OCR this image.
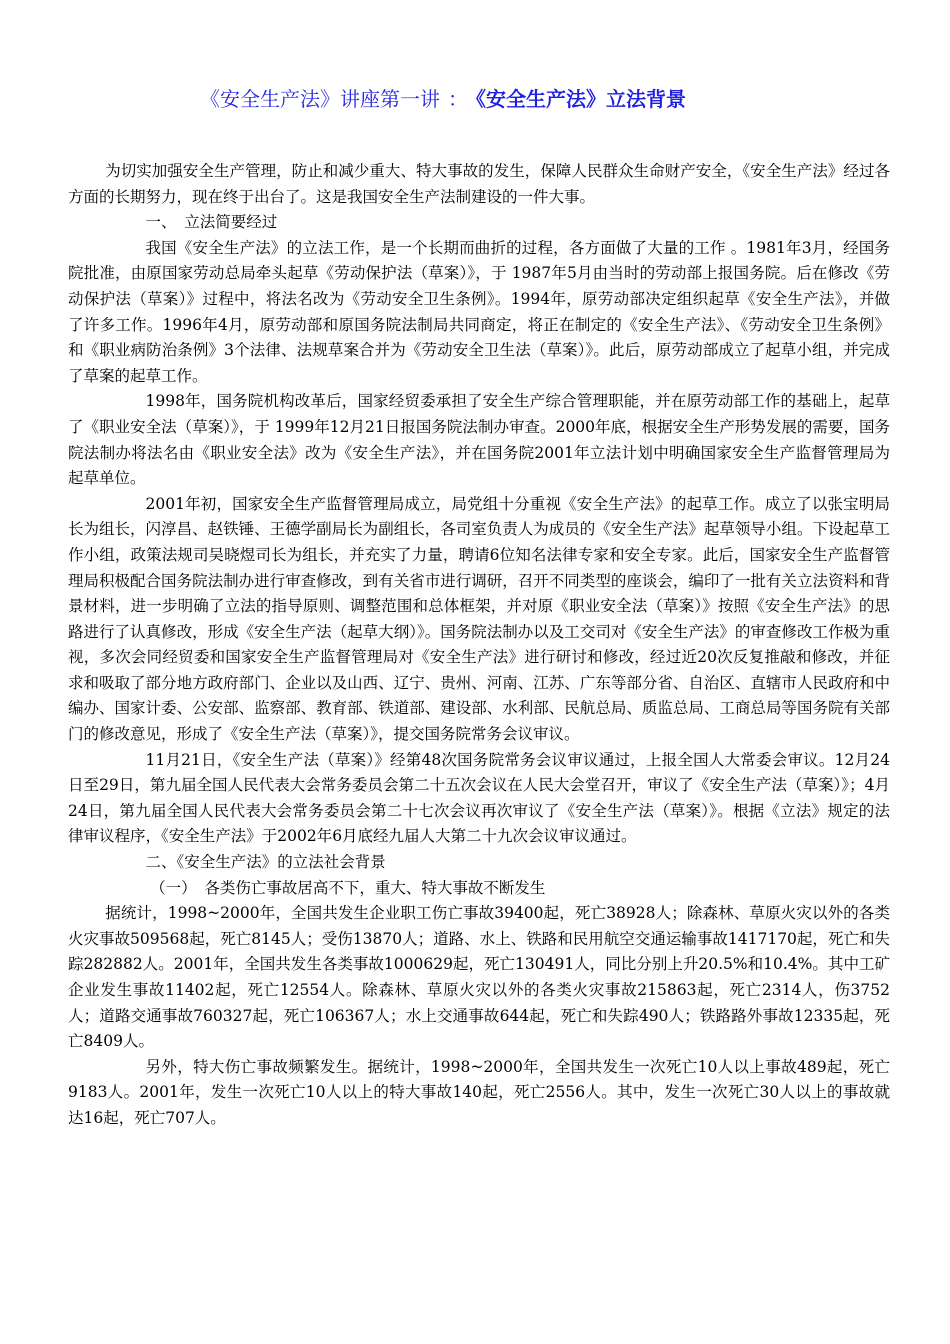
《安全生产法》讲座第一讲 ： 《安全生产法》立法背景

为切实加强安全生产管理，防止和减少重大、特大事故的发生，保障人民群众生命财产安全，《安全生产法》经过各方面的长期努力，现在终于出台了。这是我国安全生产法制建设的一件大事。

一、　立法简要经过

我国《安全生产法》的立法工作，是一个长期而曲折的过程，各方面做了大量的工作 。1981年3月，经国务院批准，由原国家劳动总局牵头起草《劳动保护法（草案）》，于 1987年5月由当时的劳动部上报国务院。后在修改《劳动保护法（草案）》过程中，将法名改为《劳动安全卫生条例》。1994年，原劳动部决定组织起草《安全生产法》，并做了许多工作。1996年4月，原劳动部和原国务院法制局共同商定，将正在制定的《安全生产法》、《劳动安全卫生条例》和《职业病防治条例》3个法律、法规草案合并为《劳动安全卫生法（草案）》。此后，原劳动部成立了起草小组，并完成了草案的起草工作。

1998年，国务院机构改革后，国家经贸委承担了安全生产综合管理职能，并在原劳动部工作的基础上，起草了《职业安全法（草案）》，于 1999年12月21日报国务院法制办审查。2000年底，根据安全生产形势发展的需要，国务院法制办将法名由《职业安全法》改为《安全生产法》，并在国务院2001年立法计划中明确国家安全生产监督管理局为起草单位。

2001年初，国家安全生产监督管理局成立，局党组十分重视《安全生产法》的起草工作。成立了以张宝明局长为组长，闪淳昌、赵铁锤、王德学副局长为副组长，各司室负责人为成员的《安全生产法》起草领导小组。下设起草工作小组，政策法规司吴晓煜司长为组长，并充实了力量，聘请6位知名法律专家和安全专家。此后，国家安全生产监督管理局积极配合国务院法制办进行审查修改，到有关省市进行调研，召开不同类型的座谈会，编印了一批有关立法资料和背景材料，进一步明确了立法的指导原则、调整范围和总体框架，并对原《职业安全法（草案）》按照《安全生产法》的思路进行了认真修改，形成《安全生产法（起草大纲）》。国务院法制办以及工交司对《安全生产法》的审查修改工作极为重视，多次会同经贸委和国家安全生产监督管理局对《安全生产法》进行研讨和修改，经过近20次反复推敲和修改，并征求和吸取了部分地方政府部门、企业以及山西、辽宁、贵州、河南、江苏、广东等部分省、自治区、直辖市人民政府和中编办、国家计委、公安部、监察部、教育部、铁道部、建设部、水利部、民航总局、质监总局、工商总局等国务院有关部门的修改意见，形成了《安全生产法（草案）》，提交国务院常务会议审议。

11月21日，《安全生产法（草案）》经第48次国务院常务会议审议通过，上报全国人大常委会审议。12月24日至29日，第九届全国人民代表大会常务委员会第二十五次会议在人民大会堂召开，审议了《安全生产法（草案）》；4月24日，第九届全国人民代表大会常务委员会第二十七次会议再次审议了《安全生产法（草案）》。根据《立法》规定的法律审议程序，《安全生产法》于2002年6月底经九届人大第二十九次会议审议通过。

二、《安全生产法》的立法社会背景

（一）　各类伤亡事故居高不下，重大、特大事故不断发生

据统计，1998~2000年，全国共发生企业职工伤亡事故39400起，死亡38928人；除森林、草原火灾以外的各类火灾事故509568起，死亡8145人；受伤13870人；道路、水上、铁路和民用航空交通运输事故1417170起，死亡和失踪282882人。2001年，全国共发生各类事故1000629起，死亡130491人，同比分别上升20.5%和10.4%。其中工矿企业发生事故11402起，死亡12554人。除森林、草原火灾以外的各类火灾事故215863起，死亡2314人，伤3752人；道路交通事故760327起，死亡106367人；水上交通事故644起，死亡和失踪490人；铁路路外事故12335起，死亡8409人。

另外，特大伤亡事故频繁发生。据统计，1998~2000年，全国共发生一次死亡10人以上事故489起，死亡9183人。2001年，发生一次死亡10人以上的特大事故140起，死亡2556人。其中，发生一次死亡30人以上的事故就达16起，死亡707人。
